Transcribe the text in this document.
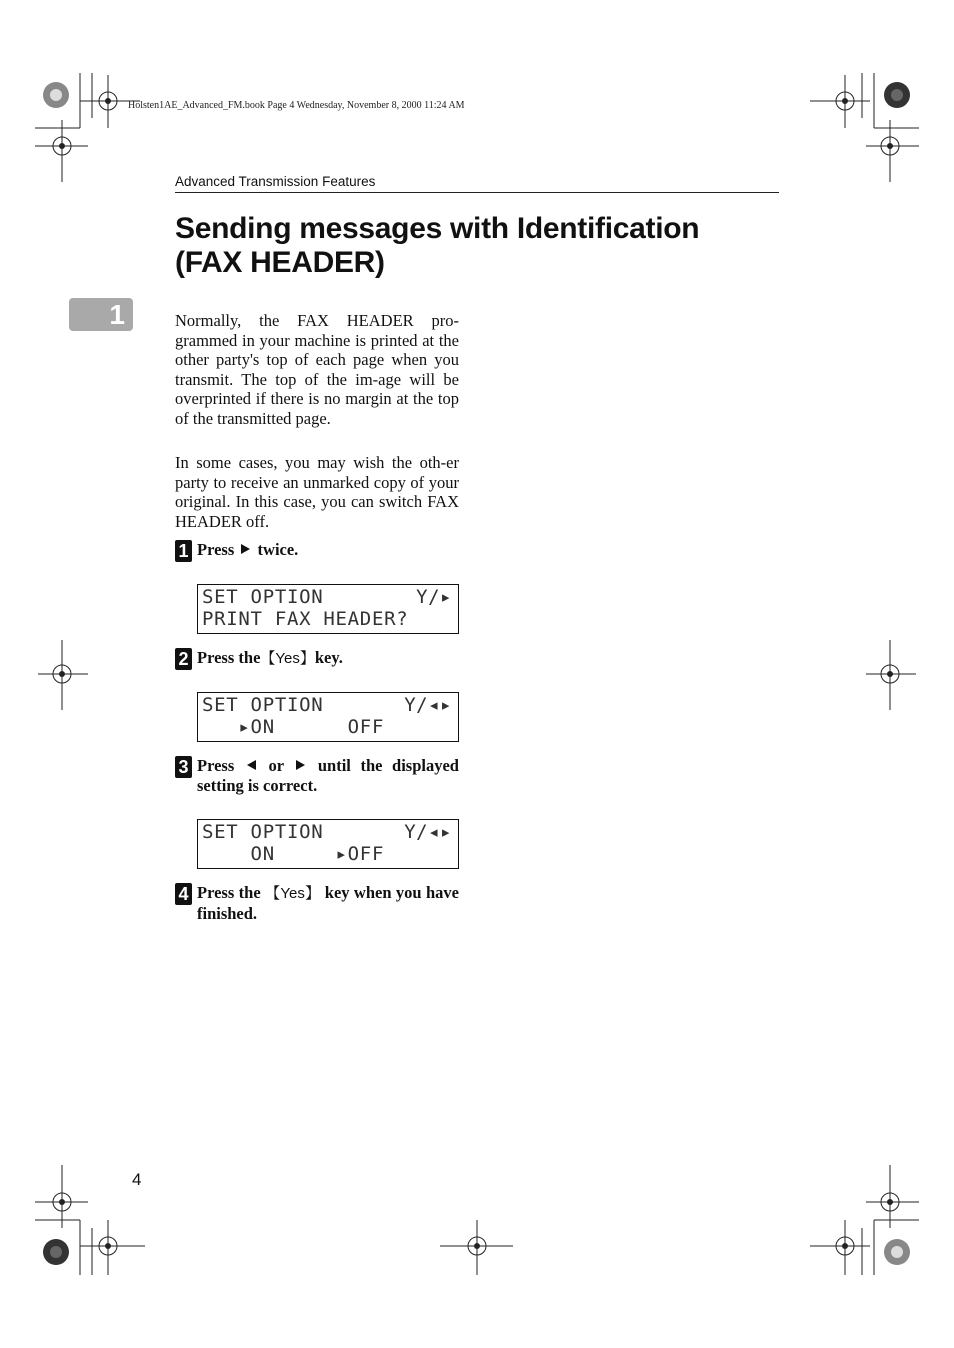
Holsten1AE_Advanced_FM.book Page 4 Wednesday, November 8, 2000 11:24 AM
Advanced Transmission Features
Sending messages with Identification
(FAX HEADER)
1	Normally, the FAX HEADER pro-grammed in your machine is printed at the other party's top of each page when you transmit. The top of the im-age will be overprinted if there is no margin at the top of the transmitted page.

In some cases, you may wish the oth-er party to receive an unmarked copy of your original. In this case, you can switch FAX HEADER off.

1 Press twice.

SET OPTION	Y/▸
PRINT FAX HEADER?
2 Press the【Yes】key.

SET OPTION	Y/◂▸
▸ON      OFF
3 Press or until the displayed setting is correct.

SET OPTION	Y/◂▸
ON     ▸OFF
4 Press the 【Yes】 key when you have finished.

4
